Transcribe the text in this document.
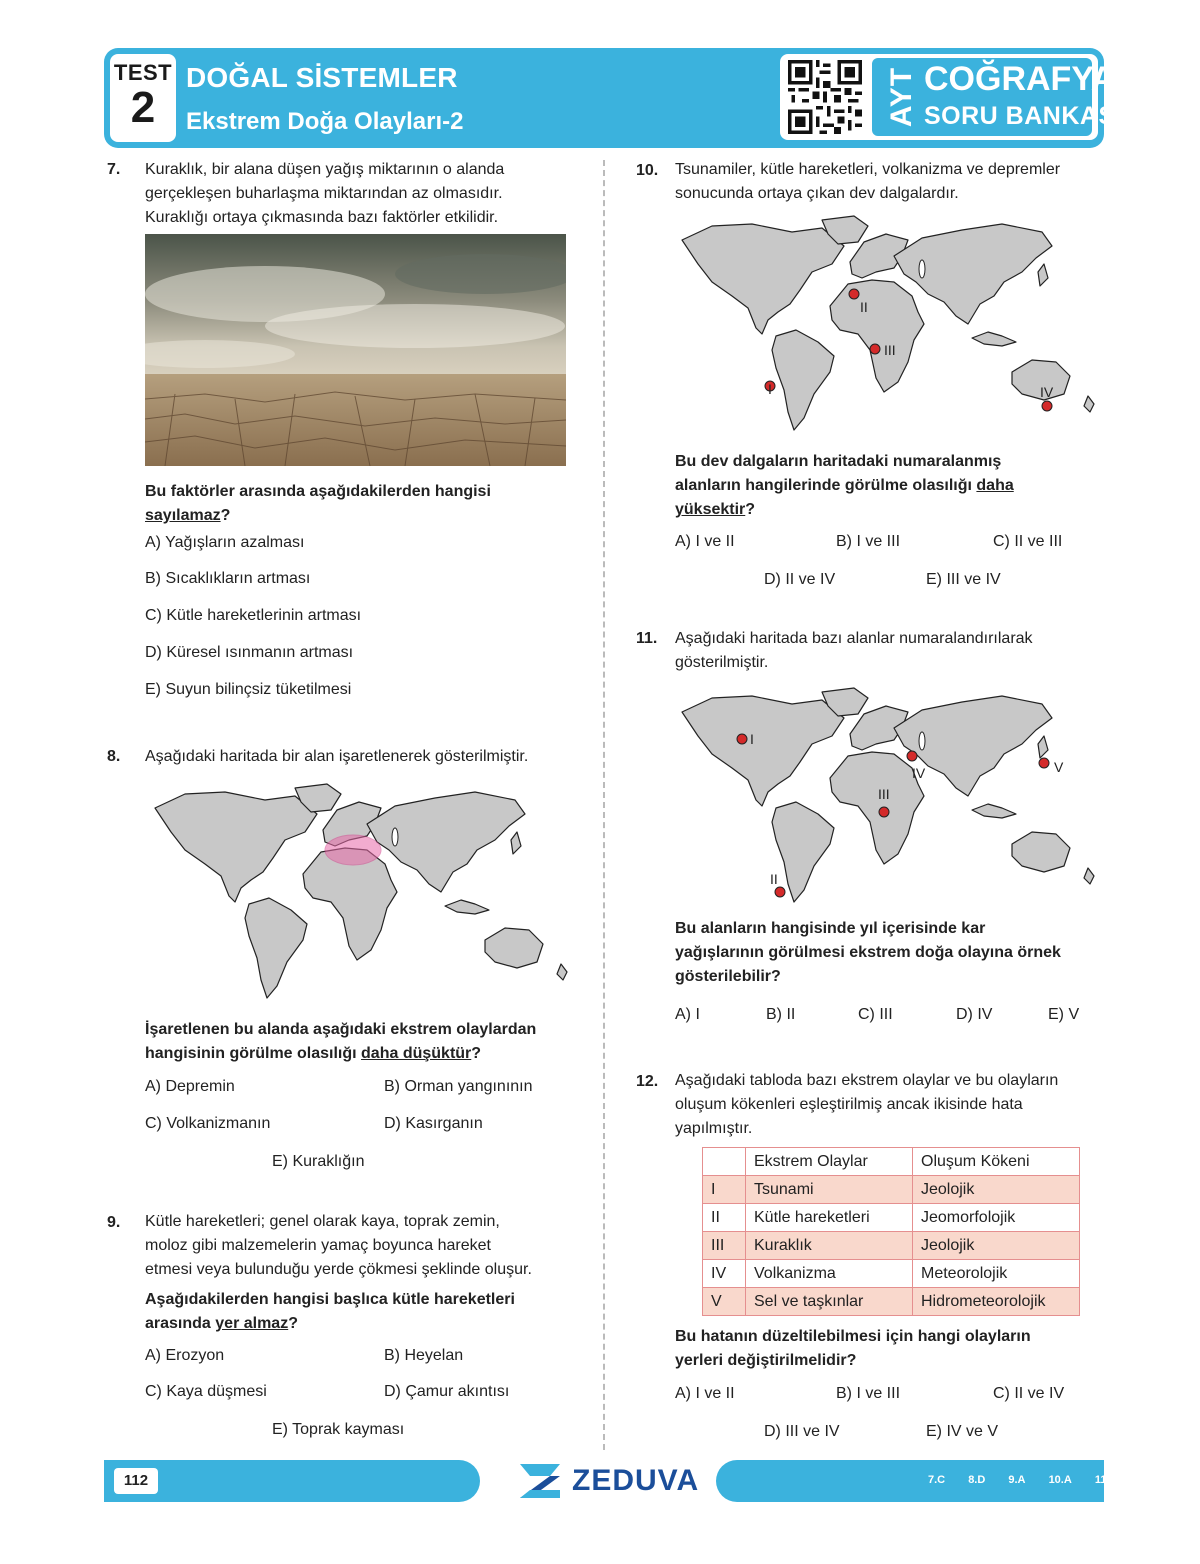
TEST
2
DOĞAL SİSTEMLER
Ekstrem Doğa Olayları-2	AYT COĞRAFYA
SORU BANKASI
7. Kuraklık, bir alana düşen yağış miktarının o alanda
gerçekleşen buharlaşma miktarından az olmasıdır.
Kuraklığı ortaya çıkmasında bazı faktörler etkilidir.
Bu faktörler arasında aşağıdakilerden hangisi
sayılamaz?
A) Yağışların azalması
B) Sıcaklıkların artması
C) Kütle hareketlerinin artması
D) Küresel ısınmanın artması
E) Suyun bilinçsiz tüketilmesi
8. Aşağıdaki haritada bir alan işaretlenerek gösterilmiştir.
İşaretlenen bu alanda aşağıdaki ekstrem olaylardan
hangisinin görülme olasılığı daha düşüktür?
A) Depremin	B) Orman yangınının
C) Volkanizmanın	D) Kasırganın
E) Kuraklığın
9. Kütle hareketleri; genel olarak kaya, toprak zemin,
moloz gibi malzemelerin yamaç boyunca hareket
etmesi veya bulunduğu yerde çökmesi şeklinde oluşur.
Aşağıdakilerden hangisi başlıca kütle hareketleri
arasında yer almaz?
A) Erozyon	B) Heyelan
C) Kaya düşmesi	D) Çamur akıntısı
E) Toprak kayması
10. Tsunamiler, kütle hareketleri, volkanizma ve depremler
sonucunda ortaya çıkan dev dalgalardır.
I
II
III
IV
Bu dev dalgaların haritadaki numaralanmış
alanların hangilerinde görülme olasılığı daha
yüksektir?
A) I ve II	B) I ve III	C) II ve III
D) II ve IV	E) III ve IV
11. Aşağıdaki haritada bazı alanlar numaralandırılarak
gösterilmiştir.
I
II
III
IV	V
Bu alanların hangisinde yıl içerisinde kar
yağışlarının görülmesi ekstrem doğa olayına örnek
gösterilebilir?
A) I	B) II	C) III	D) IV	E) V
12. Aşağıdaki tabloda bazı ekstrem olaylar ve bu olayların
oluşum kökenleri eşleştirilmiş ancak ikisinde hata
yapılmıştır.
	Ekstrem Olaylar	Oluşum Kökeni
I	Tsunami	Jeolojik
II	Kütle hareketleri	Jeomorfolojik
III	Kuraklık	Jeolojik
IV	Volkanizma	Meteorolojik
V	Sel ve taşkınlar	Hidrometeorolojik
Bu hatanın düzeltilebilmesi için hangi olayların
yerleri değiştirilmelidir?
A) I ve II	B) I ve III	C) II ve IV
D) III ve IV	E) IV ve V
112	ZEDUVA	7.C 8.D 9.A 10.A 11.C 12.D
